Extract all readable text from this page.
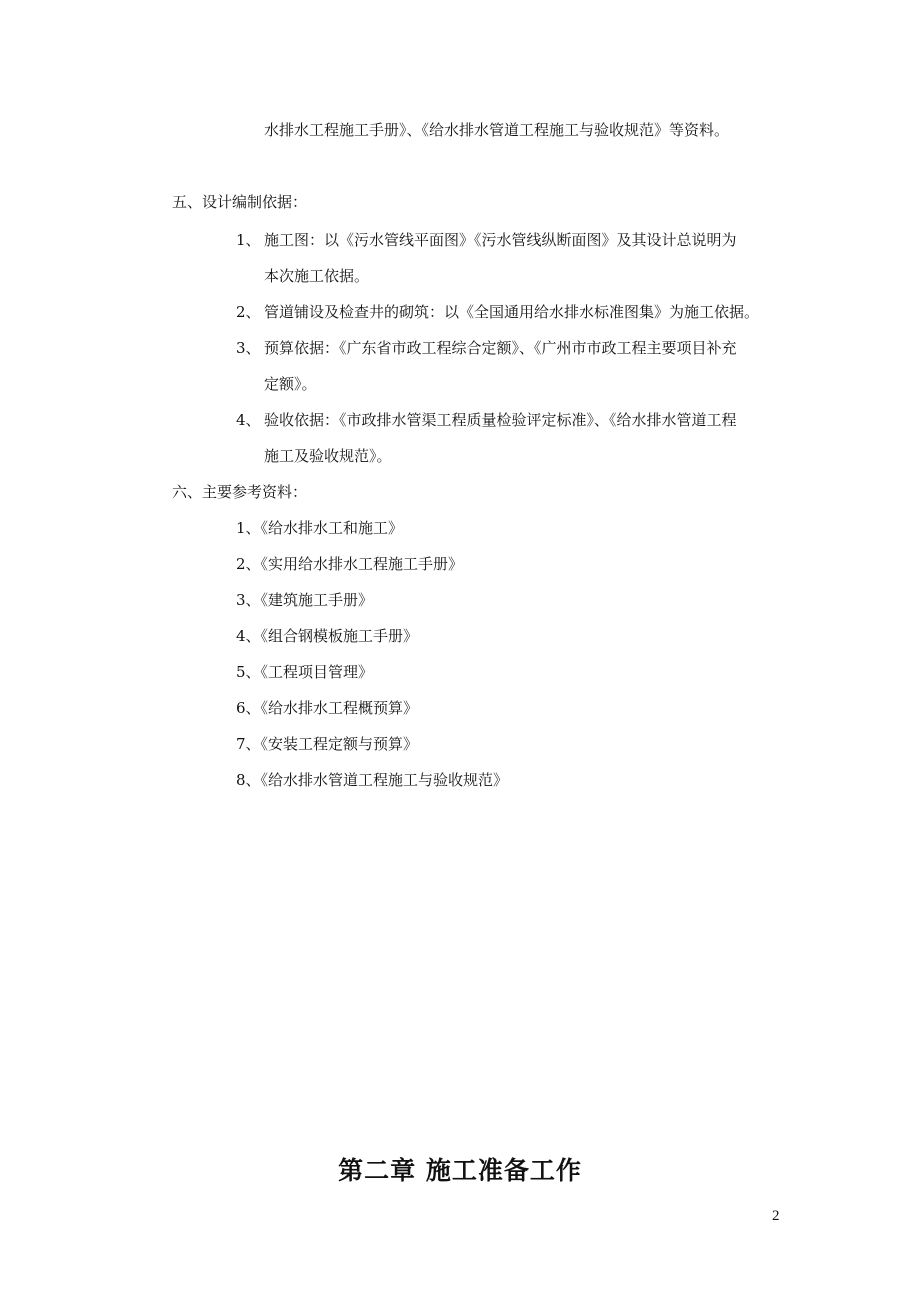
水排水工程施工手册》、《给水排水管道工程施工与验收规范》等资料。
五、设计编制依据：
1、 施工图：以《污水管线平面图》《污水管线纵断面图》及其设计总说明为
本次施工依据。
2、 管道铺设及检查井的砌筑：以《全国通用给水排水标准图集》为施工依据。
3、 预算依据：《广东省市政工程综合定额》、《广州市市政工程主要项目补充
定额》。
4、 验收依据：《市政排水管渠工程质量检验评定标准》、《给水排水管道工程
施工及验收规范》。
六、主要参考资料：
1、《给水排水工和施工》
2、《实用给水排水工程施工手册》
3、《建筑施工手册》
4、《组合钢模板施工手册》
5、《工程项目管理》
6、《给水排水工程概预算》
7、《安装工程定额与预算》
8、《给水排水管道工程施工与验收规范》
第二章 施工准备工作
2
